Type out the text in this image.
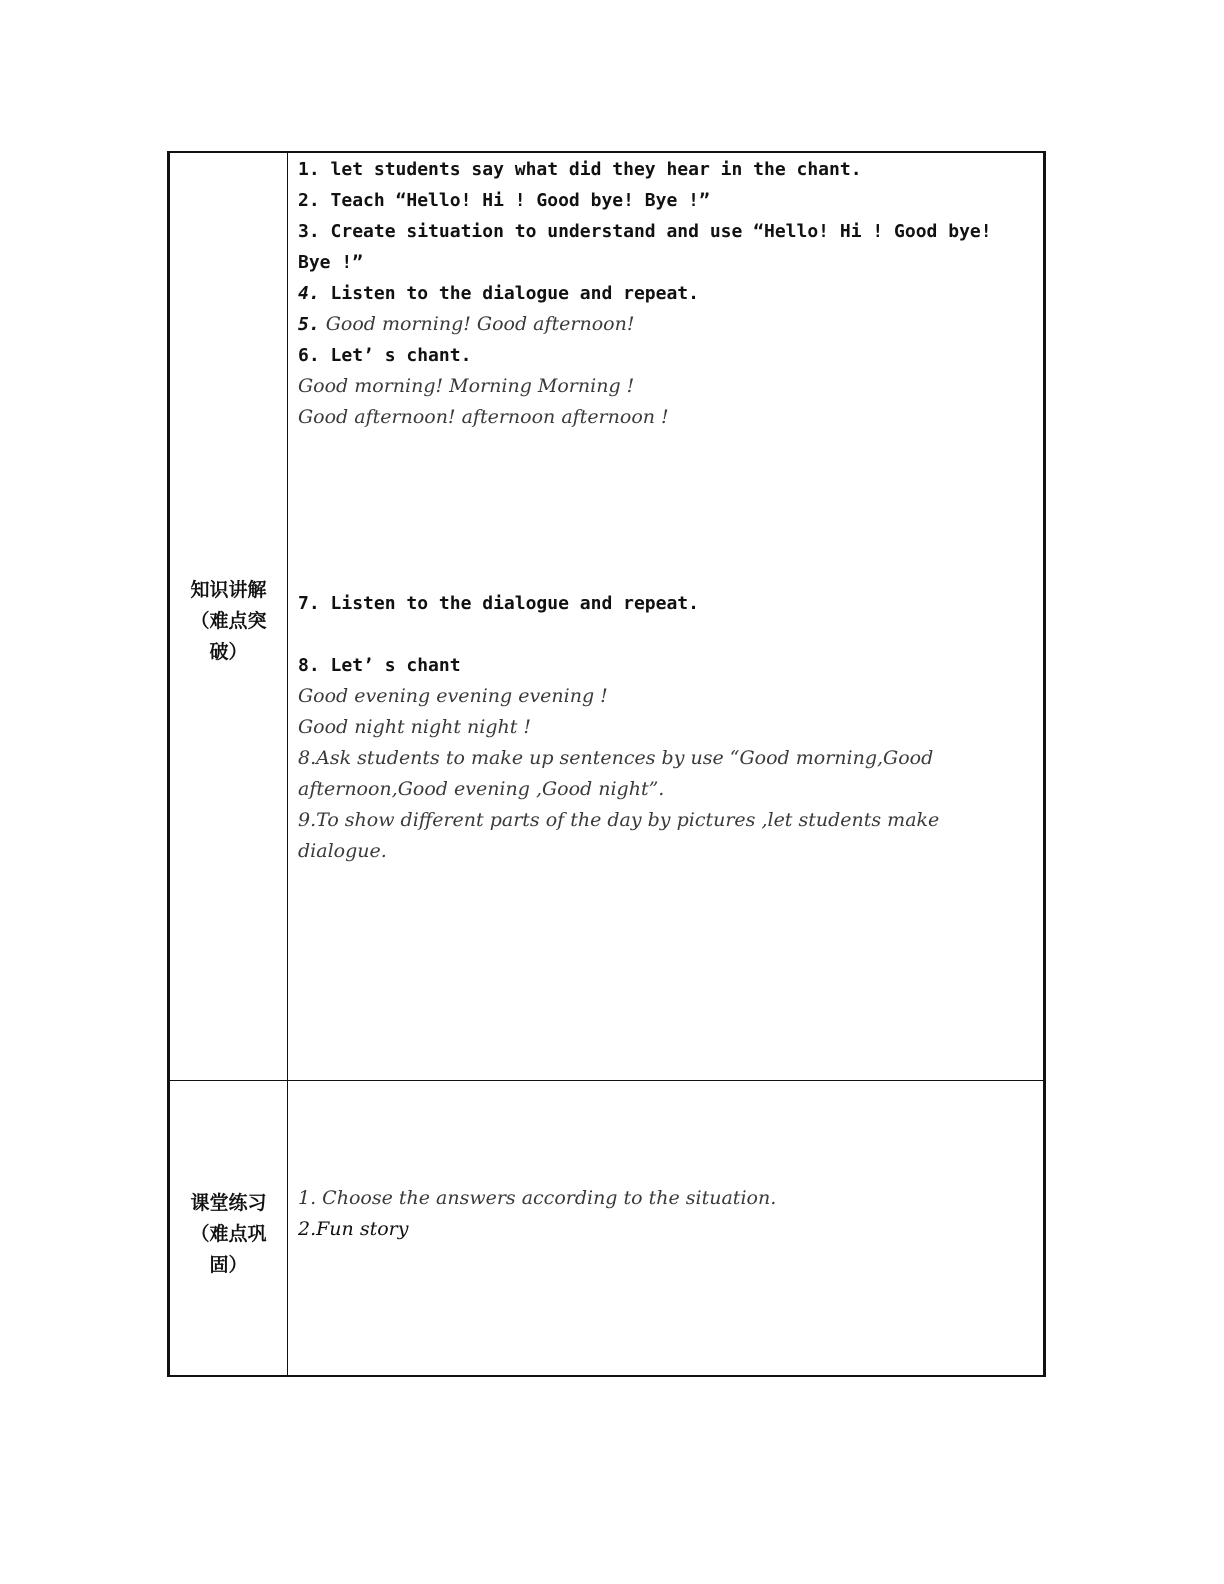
知识讲解
（难点突
破）
1. let students say what did they hear in the chant.
2. Teach “Hello! Hi ! Good bye! Bye !”
3. Create situation to understand and use “Hello! Hi ! Good bye!
Bye !”
4. Listen to the dialogue and repeat.
5. Good morning! Good afternoon!
6. Let’ s chant.
Good morning! Morning Morning !
Good afternoon! afternoon afternoon !
7. Listen to the dialogue and repeat.
8. Let’ s chant
Good evening evening evening !
Good night night night !
8.Ask students to make up sentences by use “Good morning,Good
afternoon,Good evening ,Good night”.
9.To show different parts of the day by pictures ,let students make
dialogue.
课堂练习
（难点巩
固）
1. Choose the answers according to the situation.
2.Fun story
